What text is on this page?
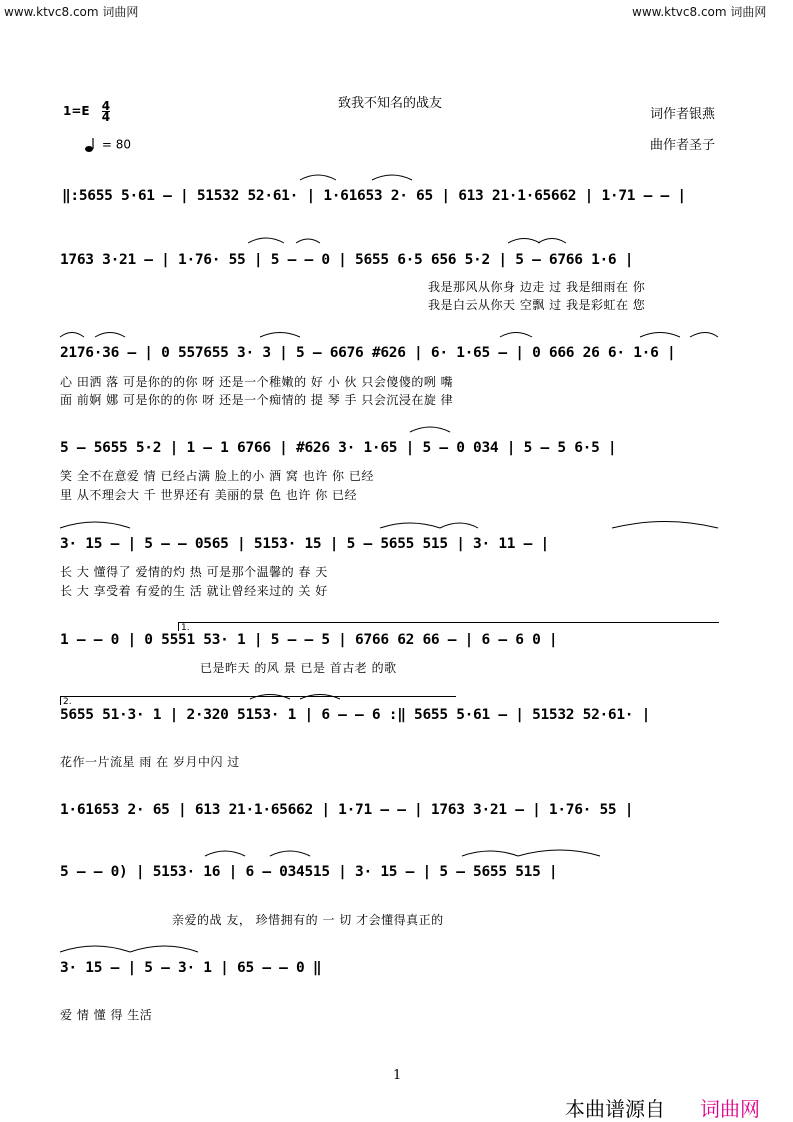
www.ktvc8.com 词曲网	www.ktvc8.com 词曲网
致我不知名的战友
词作者银燕
曲作者圣子
$1=E \frac{4}{4}$
= 80
‖:5655 5·61 — | 51532 52·61· | 1·61653 2· 65 | 613 21·1·65662 | 1·71 — — |
1763 3·21 — | 1·76· 55 | 5 — — 0 | 5655 6·5 656 5·2 | 5 — 6766 1·6 |
我是那风从你身 边走 过 我是细雨在 你
我是白云从你天 空飘 过 我是彩虹在 您
2176·36 — | 0 557655 3· 3 | 5 — 6676 #626 | 6· 1·65 — | 0 666 26 6· 1·6 |
心 田洒 落 可是你的的你 呀 还是一个稚嫩的 好 小 伙 只会傻傻的咧 嘴
面 前婀 娜 可是你的的你 呀 还是一个痴情的 提 琴 手 只会沉浸在旋 律
5 — 5655 5·2 | 1 — 1 6766 | #626 3· 1·65 | 5 — 0 034 | 5 — 5 6·5 |
笑 全不在意爱 情 已经占满 脸上的小 酒 窝 也许 你 已经
里 从不理会大 千 世界还有 美丽的景 色 也许 你 已经
3· 15 — | 5 — — 0565 | 5153· 15 | 5 — 5655 515 | 3· 11 — |
长 大 懂得了 爱情的灼 热 可是那个温馨的 春 天
长 大 享受着 有爱的生 活 就让曾经来过的 关 好
1.
1 — — 0 | 0 5551 53· 1 | 5 — — 5 | 6766 62 66 — | 6 — 6 0 |
已是昨天 的风 景 已是 首古老 的歌
2.
5655 51·3· 1 | 2·320 5153· 1 | 6 — — 6 :‖ 5655 5·61 — | 51532 52·61· |
花作一片流星 雨 在 岁月中闪 过
1·61653 2· 65 | 613 21·1·65662 | 1·71 — — | 1763 3·21 — | 1·76· 55 |
5 — — 0) | 5153· 16 | 6 — 034515 | 3· 15 — | 5 — 5655 515 |
亲爱的战 友， 珍惜拥有的 一 切 才会懂得真正的
3· 15 — | 5 — 3· 1 | 65 — — 0 ‖
爱 情 懂 得 生活
1
本曲谱源自 词曲网
